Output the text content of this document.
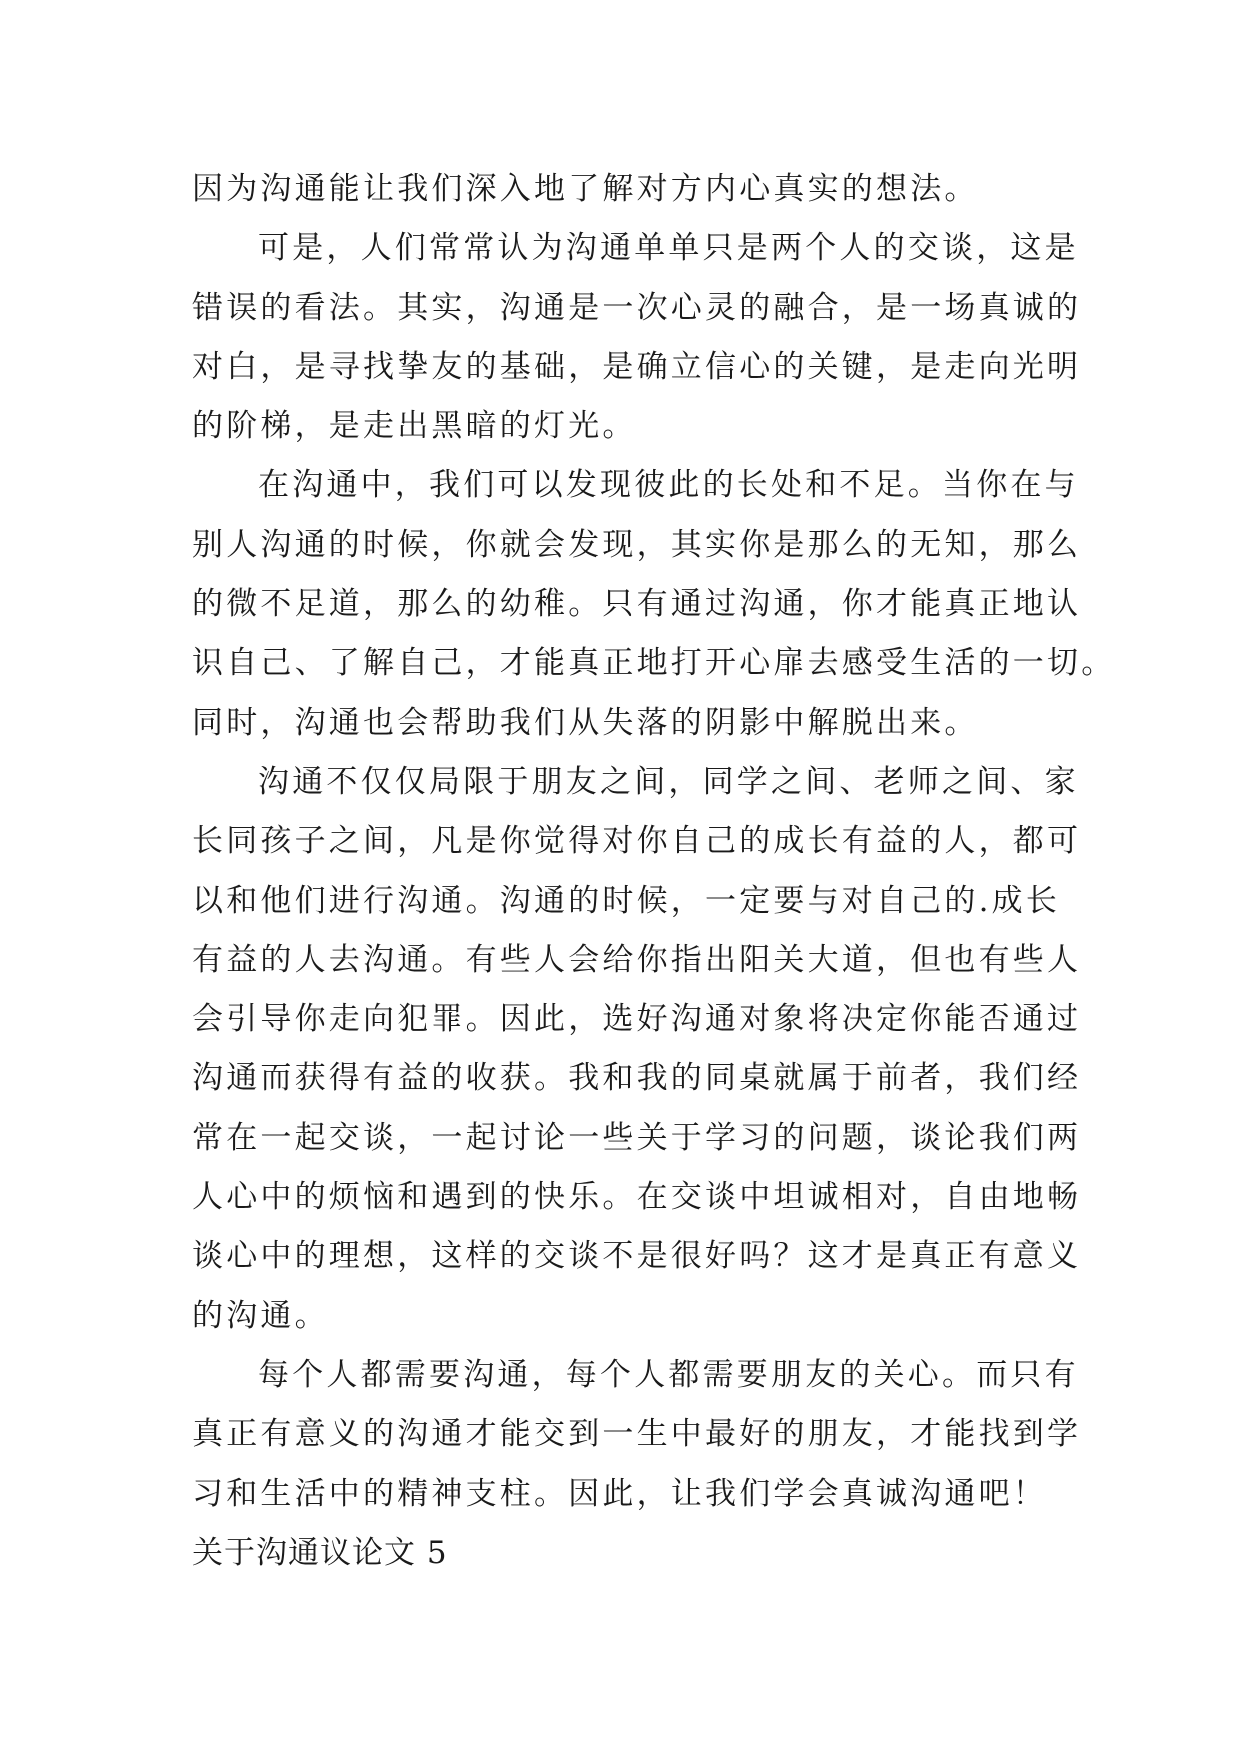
因为沟通能让我们深入地了解对方内心真实的想法。
可是，人们常常认为沟通单单只是两个人的交谈，这是
错误的看法。其实，沟通是一次心灵的融合，是一场真诚的
对白，是寻找挚友的基础，是确立信心的关键，是走向光明
的阶梯，是走出黑暗的灯光。
在沟通中，我们可以发现彼此的长处和不足。当你在与
别人沟通的时候，你就会发现，其实你是那么的无知，那么
的微不足道，那么的幼稚。只有通过沟通，你才能真正地认
识自己、了解自己，才能真正地打开心扉去感受生活的一切。
同时，沟通也会帮助我们从失落的阴影中解脱出来。
沟通不仅仅局限于朋友之间，同学之间、老师之间、家
长同孩子之间，凡是你觉得对你自己的成长有益的人，都可
以和他们进行沟通。沟通的时候，一定要与对自己的.成长
有益的人去沟通。有些人会给你指出阳关大道，但也有些人
会引导你走向犯罪。因此，选好沟通对象将决定你能否通过
沟通而获得有益的收获。我和我的同桌就属于前者，我们经
常在一起交谈，一起讨论一些关于学习的问题，谈论我们两
人心中的烦恼和遇到的快乐。在交谈中坦诚相对，自由地畅
谈心中的理想，这样的交谈不是很好吗？这才是真正有意义
的沟通。
每个人都需要沟通，每个人都需要朋友的关心。而只有
真正有意义的沟通才能交到一生中最好的朋友，才能找到学
习和生活中的精神支柱。因此，让我们学会真诚沟通吧！
关于沟通议论文 5
